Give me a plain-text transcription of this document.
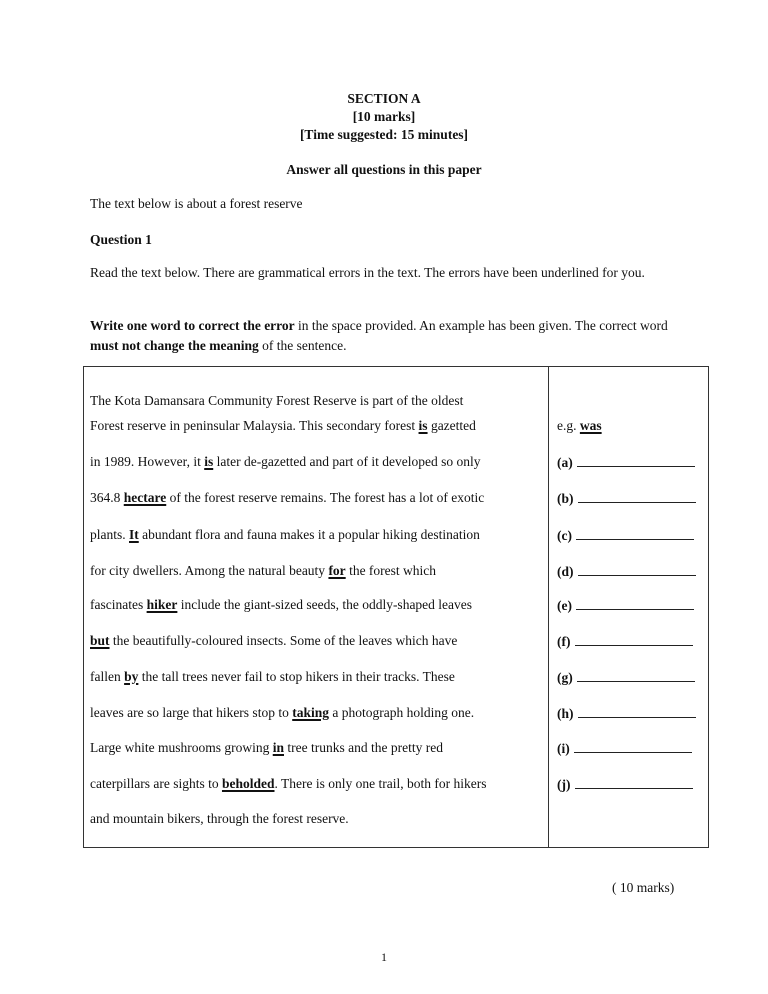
SECTION A
[10 marks]
[Time suggested: 15 minutes]
Answer all questions in this paper
The text below is about a forest reserve
Question 1
Read the text below. There are grammatical errors in the text. The errors have been underlined for you.
Write one word to correct the error in the space provided. An example has been given. The correct word must not change the meaning of the sentence.
The Kota Damansara Community Forest Reserve is part of the oldest
Forest reserve in peninsular Malaysia. This secondary forest is gazetted
in 1989. However, it is later de-gazetted and part of it developed so only
364.8 hectare of the forest reserve remains. The forest has a lot of exotic
plants. It abundant flora and fauna makes it a popular hiking destination
for city dwellers. Among the natural beauty for the forest which
fascinates hiker include the giant-sized seeds, the oddly-shaped leaves
but the beautifully-coloured insects. Some of the leaves which have
fallen by the tall trees never fail to stop hikers in their tracks. These
leaves are so large that hikers stop to taking a photograph holding one.
Large white mushrooms growing in tree trunks and the pretty red
caterpillars are sights to beholded. There is only one trail, both for hikers
and mountain bikers, through the forest reserve.
e.g. was
(a)
(b)
(c)
(d)
(e)
(f)
(g)
(h)
(i)
(j)
( 10 marks)
1
